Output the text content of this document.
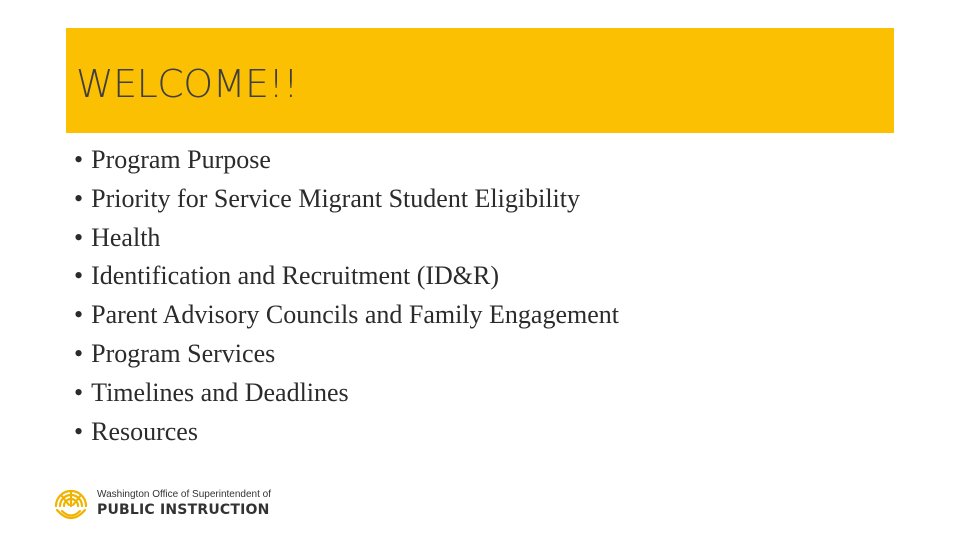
WELCOME!!
• Program Purpose
• Priority for Service Migrant Student Eligibility
• Health
• Identification and Recruitment (ID&R)
• Parent Advisory Councils and Family Engagement
• Program Services
• Timelines and Deadlines
• Resources
Washington Office of Superintendent of
PUBLIC INSTRUCTION
